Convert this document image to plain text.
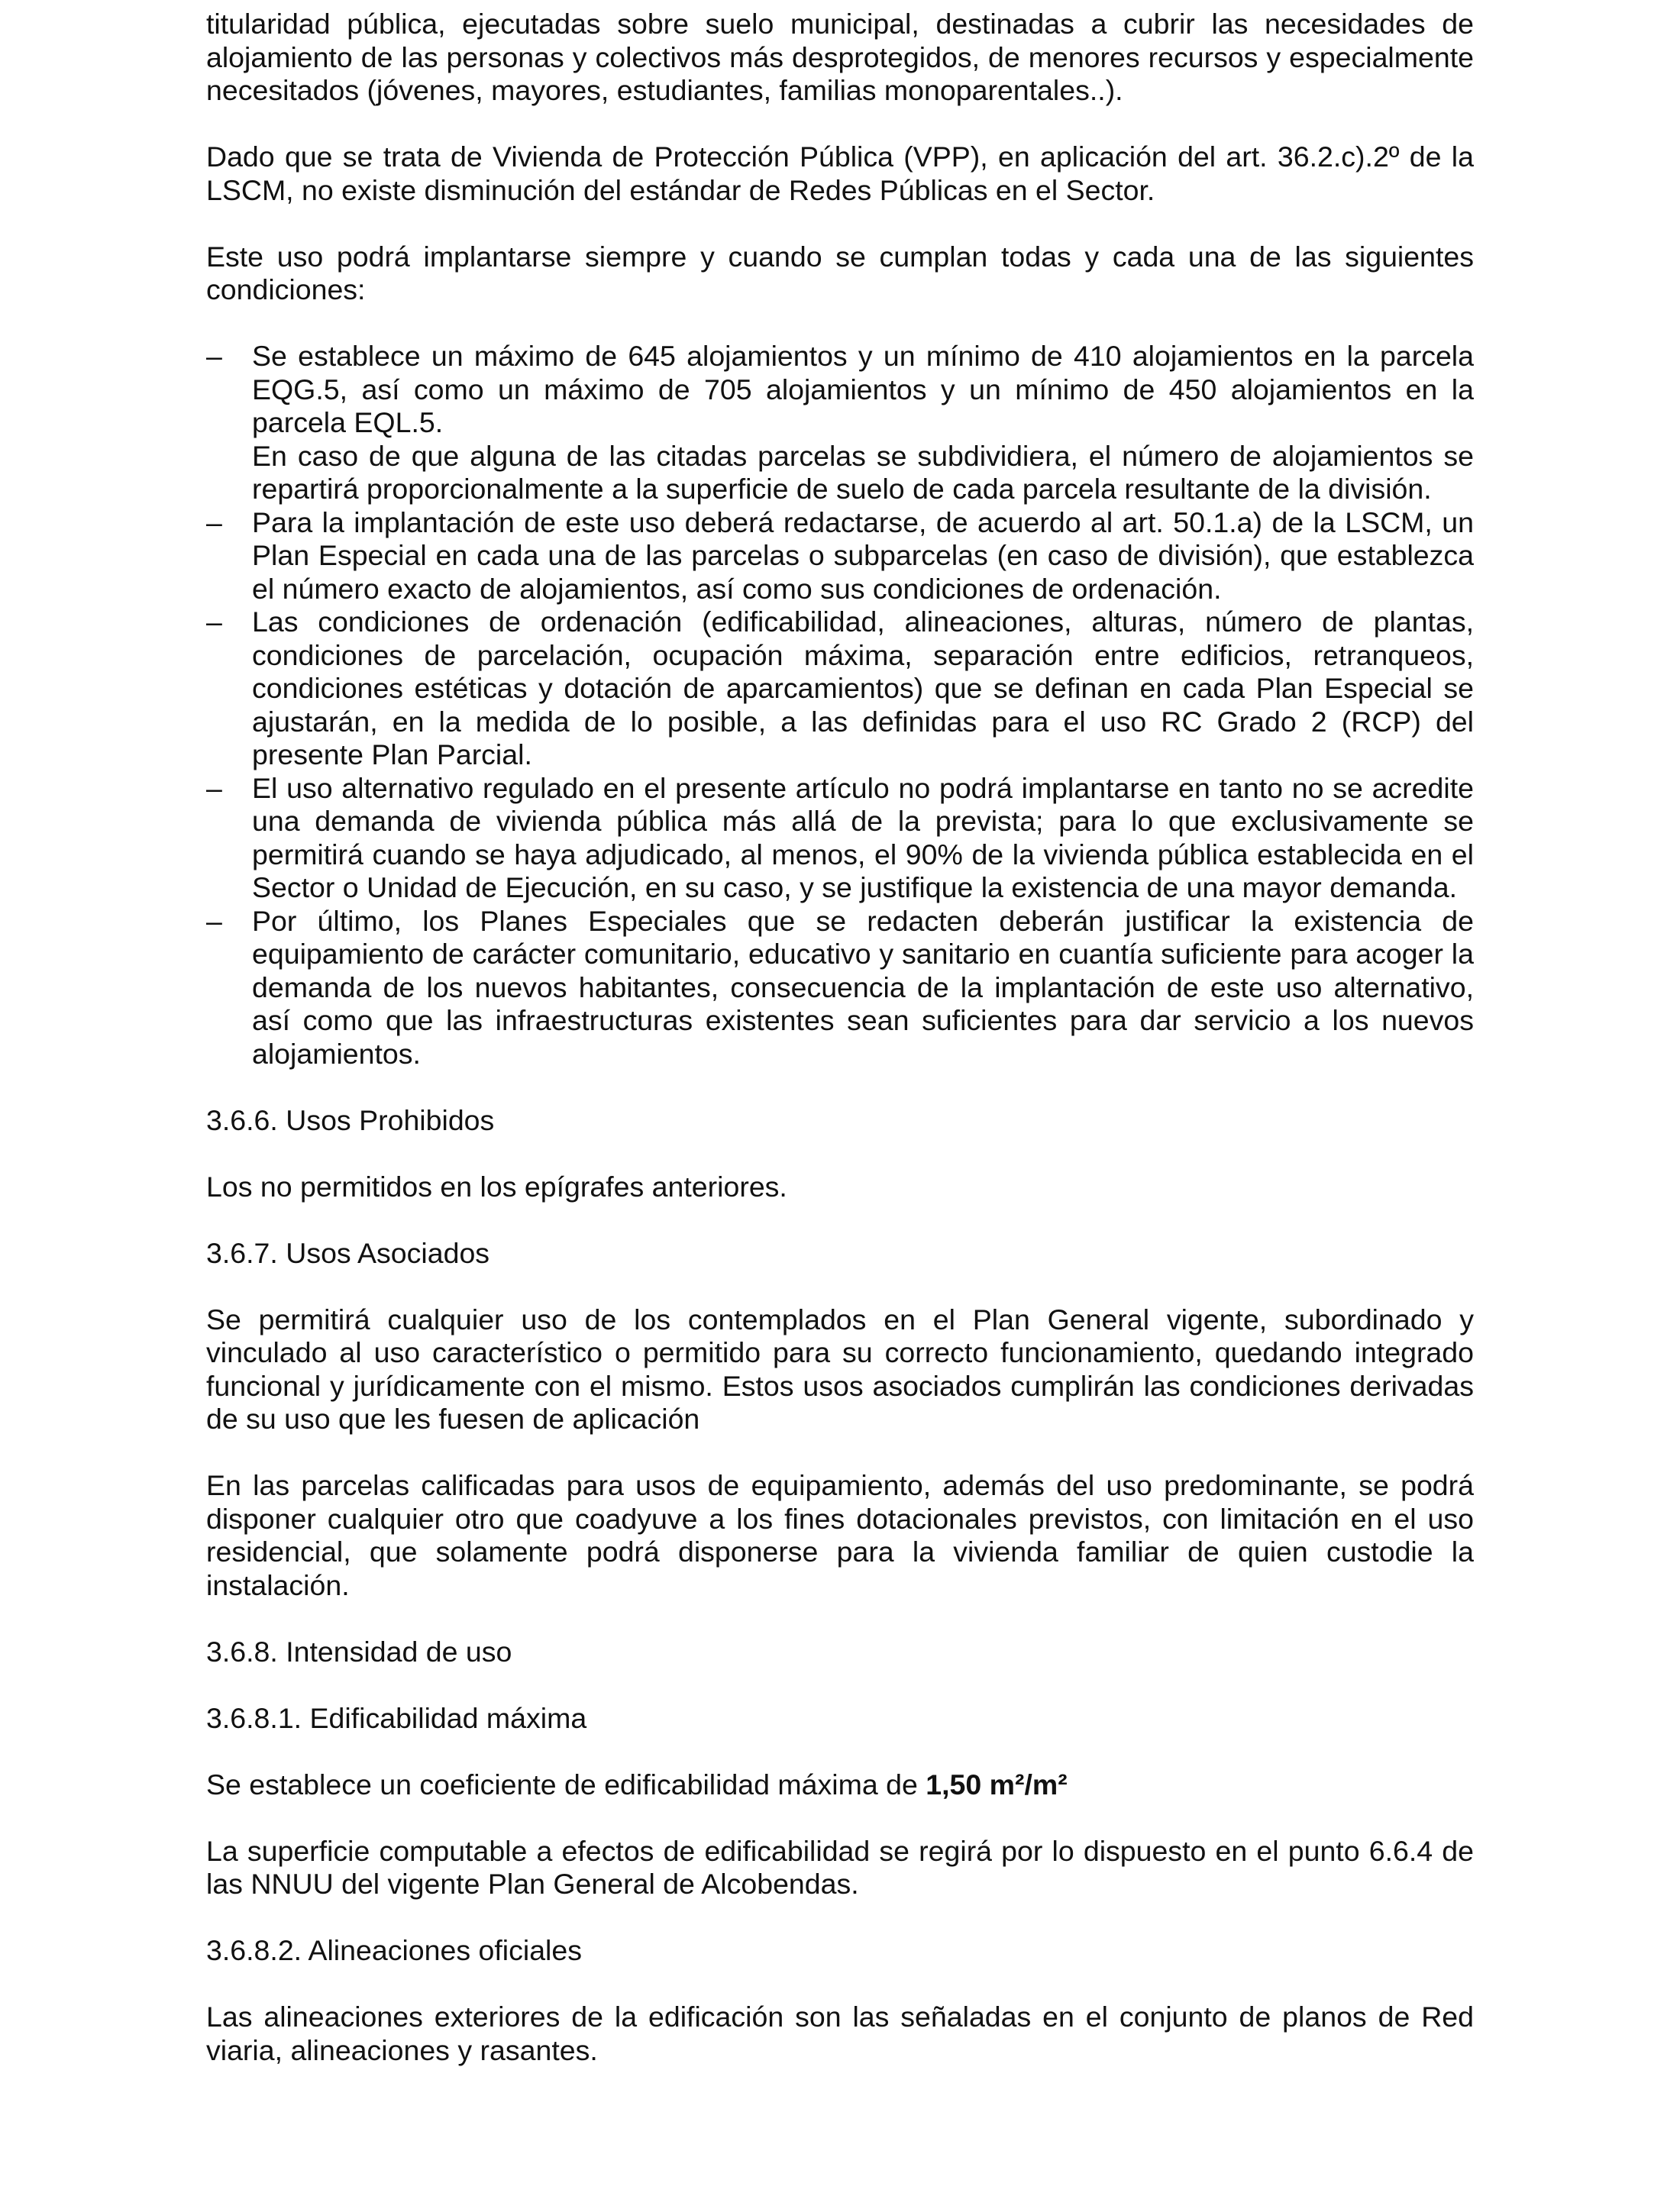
titularidad pública, ejecutadas sobre suelo municipal, destinadas a cubrir las necesidades de alojamiento de las personas y colectivos más desprotegidos, de menores recursos y especialmente necesitados (jóvenes, mayores, estudiantes, familias monoparentales..).

Dado que se trata de Vivienda de Protección Pública (VPP), en aplicación del art. 36.2.c).2º de la LSCM, no existe disminución del estándar de Redes Públicas en el Sector.

Este uso podrá implantarse siempre y cuando se cumplan todas y cada una de las siguientes condiciones:

– Se establece un máximo de 645 alojamientos y un mínimo de 410 alojamientos en la parcela EQG.5, así como un máximo de 705 alojamientos y un mínimo de 450 alojamientos en la parcela EQL.5.
En caso de que alguna de las citadas parcelas se subdividiera, el número de alojamientos se repartirá proporcionalmente a la superficie de suelo de cada parcela resultante de la división.
– Para la implantación de este uso deberá redactarse, de acuerdo al art. 50.1.a) de la LSCM, un Plan Especial en cada una de las parcelas o subparcelas (en caso de división), que establezca el número exacto de alojamientos, así como sus condiciones de ordenación.
– Las condiciones de ordenación (edificabilidad, alineaciones, alturas, número de plantas, condiciones de parcelación, ocupación máxima, separación entre edificios, retranqueos, condiciones estéticas y dotación de aparcamientos) que se definan en cada Plan Especial se ajustarán, en la medida de lo posible, a las definidas para el uso RC Grado 2 (RCP) del presente Plan Parcial.
– El uso alternativo regulado en el presente artículo no podrá implantarse en tanto no se acredite una demanda de vivienda pública más allá de la prevista; para lo que exclusivamente se permitirá cuando se haya adjudicado, al menos, el 90% de la vivienda pública establecida en el Sector o Unidad de Ejecución, en su caso, y se justifique la existencia de una mayor demanda.
– Por último, los Planes Especiales que se redacten deberán justificar la existencia de equipamiento de carácter comunitario, educativo y sanitario en cuantía suficiente para acoger la demanda de los nuevos habitantes, consecuencia de la implantación de este uso alternativo, así como que las infraestructuras existentes sean suficientes para dar servicio a los nuevos alojamientos.

3.6.6. Usos Prohibidos

Los no permitidos en los epígrafes anteriores.

3.6.7. Usos Asociados

Se permitirá cualquier uso de los contemplados en el Plan General vigente, subordinado y vinculado al uso característico o permitido para su correcto funcionamiento, quedando integrado funcional y jurídicamente con el mismo. Estos usos asociados cumplirán las condiciones derivadas de su uso que les fuesen de aplicación

En las parcelas calificadas para usos de equipamiento, además del uso predominante, se podrá disponer cualquier otro que coadyuve a los fines dotacionales previstos, con limitación en el uso residencial, que solamente podrá disponerse para la vivienda familiar de quien custodie la instalación.

3.6.8. Intensidad de uso

3.6.8.1. Edificabilidad máxima

Se establece un coeficiente de edificabilidad máxima de 1,50 m²/m²

La superficie computable a efectos de edificabilidad se regirá por lo dispuesto en el punto 6.6.4 de las NNUU del vigente Plan General de Alcobendas.

3.6.8.2. Alineaciones oficiales

Las alineaciones exteriores de la edificación son las señaladas en el conjunto de planos de Red viaria, alineaciones y rasantes.
